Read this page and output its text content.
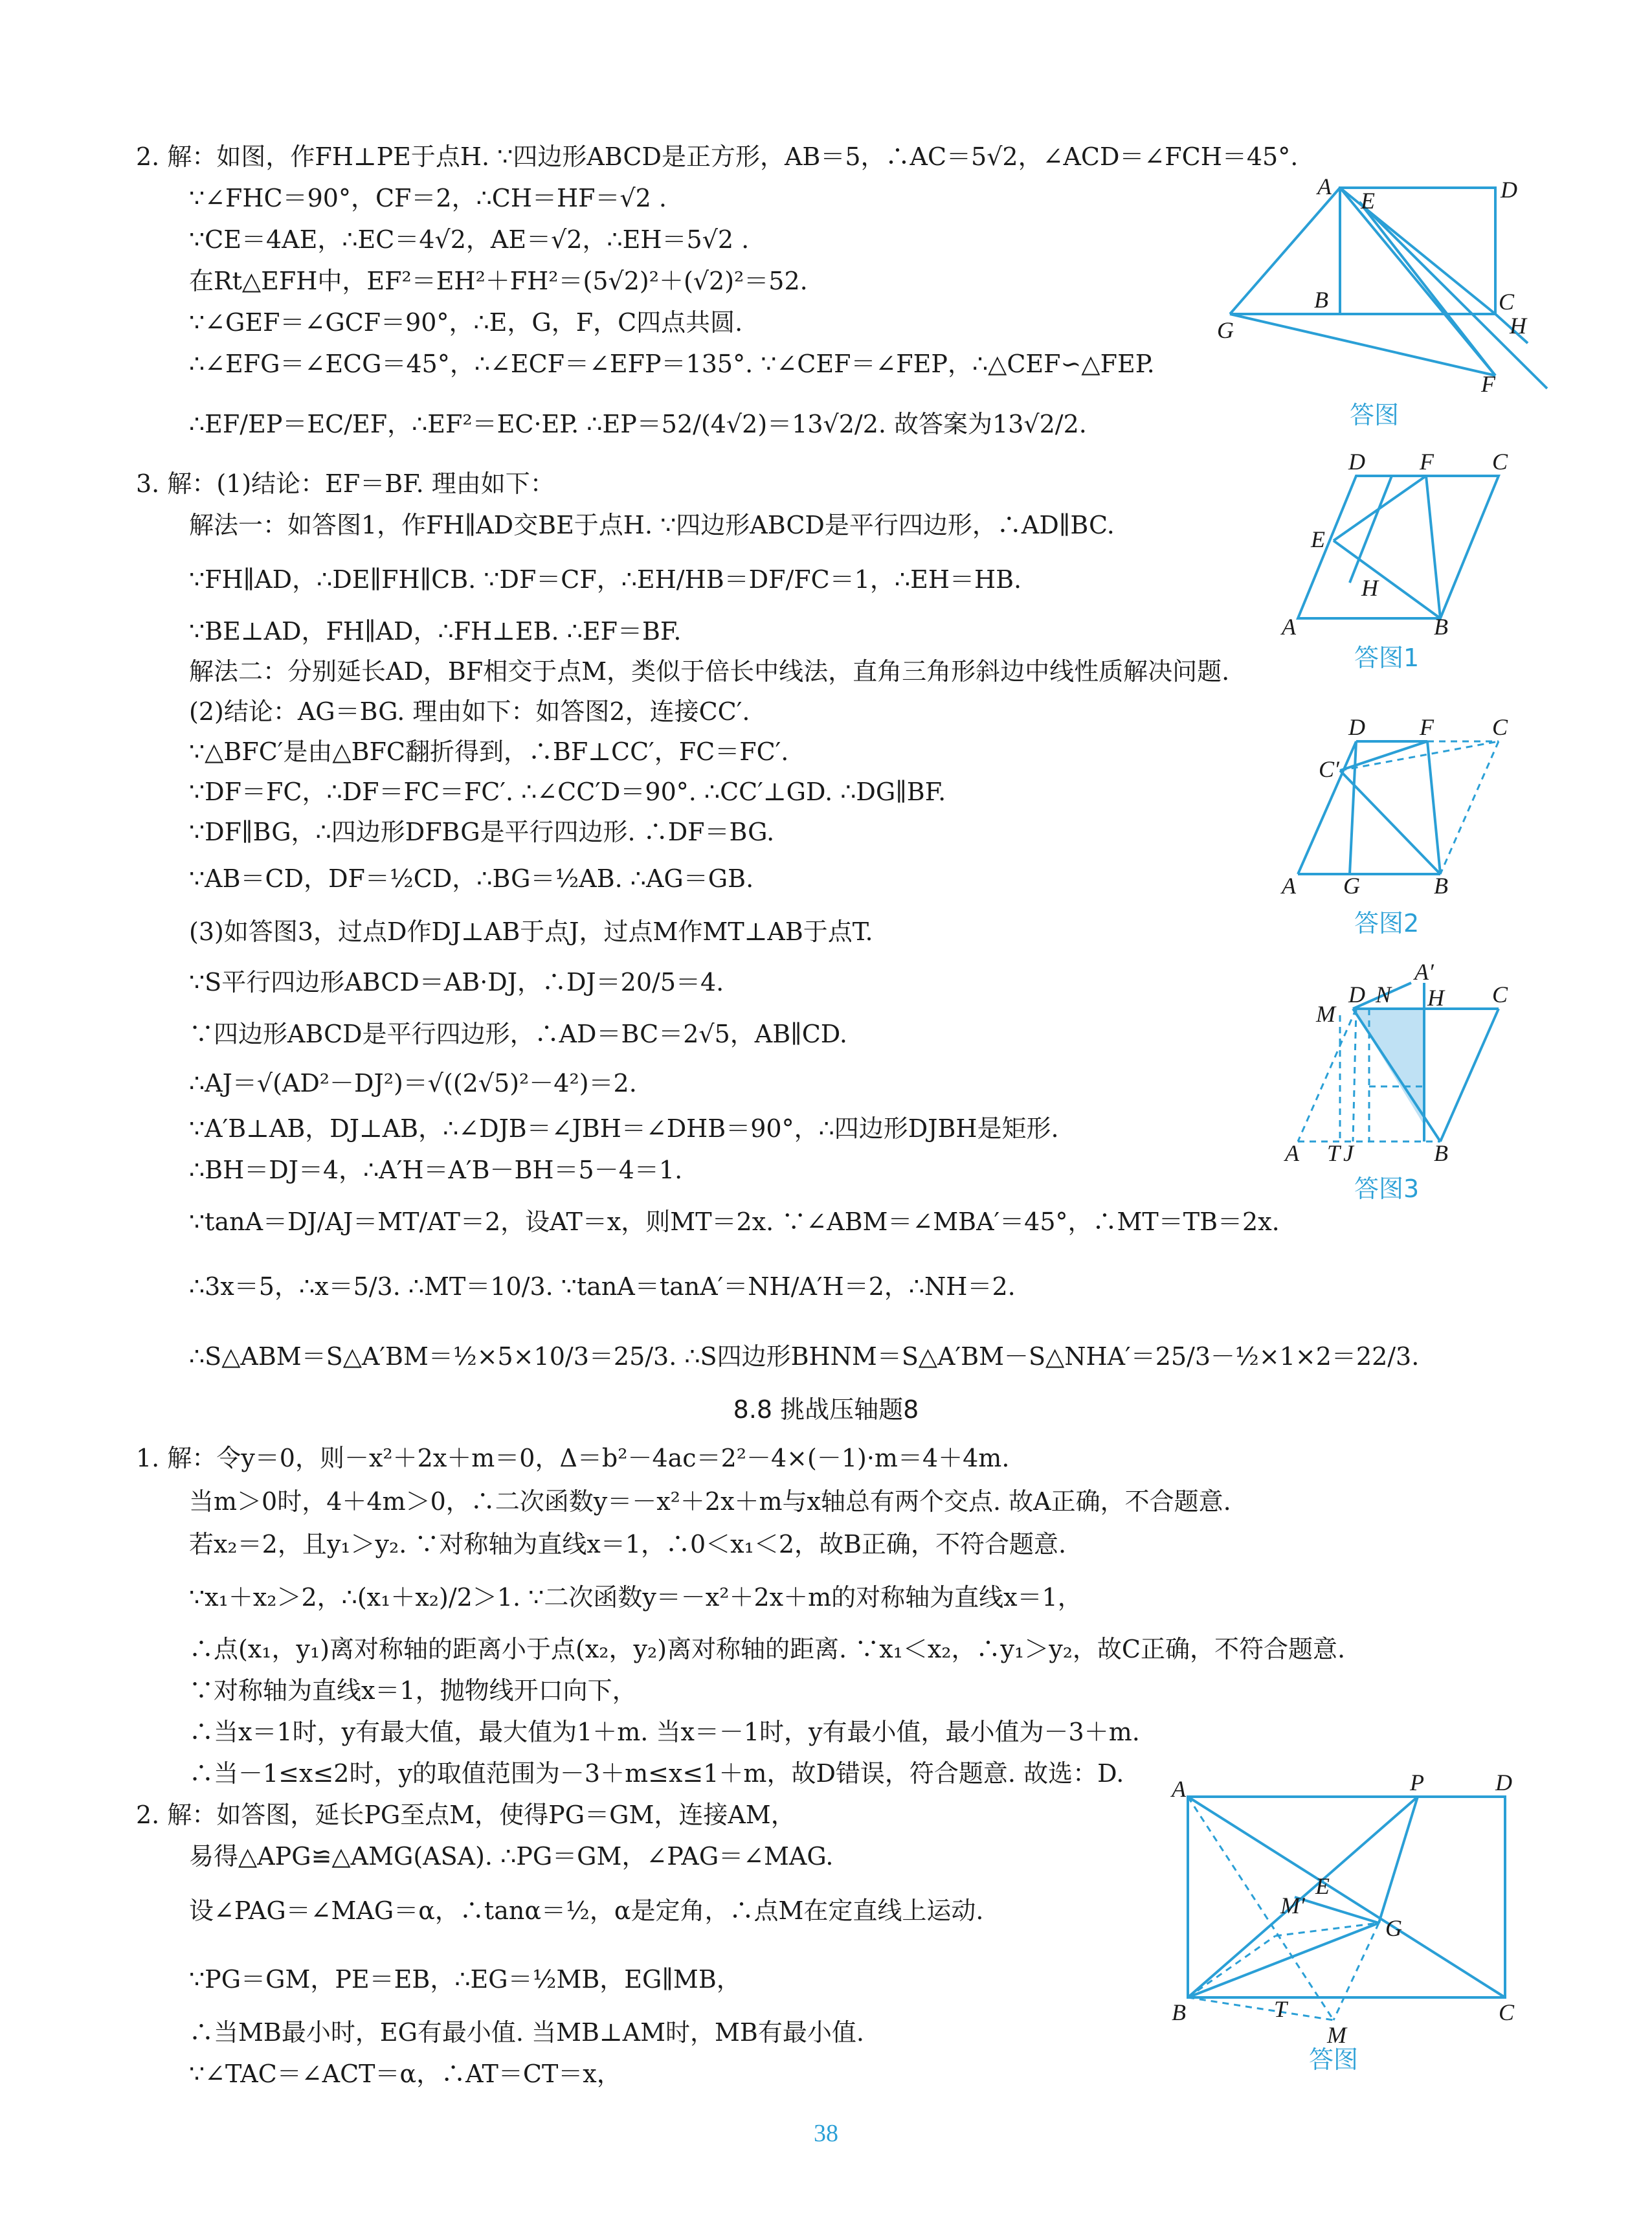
2. 解：如图，作FH⊥PE于点H. ∵四边形ABCD是正方形，AB＝5，∴AC＝5√2，∠ACD＝∠FCH＝45°.
∵∠FHC＝90°，CF＝2，∴CH＝HF＝√2 .
∵CE＝4AE，∴EC＝4√2，AE＝√2，∴EH＝5√2 .
在Rt△EFH中，EF²＝EH²＋FH²＝(5√2)²＋(√2)²＝52.
∵∠GEF＝∠GCF＝90°，∴E，G，F，C四点共圆.
∴∠EFG＝∠ECG＝45°，∴∠ECF＝∠EFP＝135°. ∵∠CEF＝∠FEP，∴△CEF∽△FEP.
∴EF/EP＝EC/EF，∴EF²＝EC·EP. ∴EP＝52/(4√2)＝13√2/2. 故答案为13√2/2.
A	D
E
B
G
C
H
F
答图
3. 解：(1)结论：EF＝BF. 理由如下：
解法一：如答图1，作FH∥AD交BE于点H. ∵四边形ABCD是平行四边形，∴AD∥BC.
∵FH∥AD，∴DE∥FH∥CB. ∵DF＝CF，∴EH/HB＝DF/FC＝1，∴EH＝HB.
∵BE⊥AD，FH∥AD，∴FH⊥EB. ∴EF＝BF.
解法二：分别延长AD，BF相交于点M，类似于倍长中线法，直角三角形斜边中线性质解决问题.
(2)结论：AG＝BG. 理由如下：如答图2，连接CC′.
∵△BFC′是由△BFC翻折得到，∴BF⊥CC′，FC＝FC′.
∵DF＝FC，∴DF＝FC＝FC′. ∴∠CC′D＝90°. ∴CC′⊥GD. ∴DG∥BF.
∵DF∥BG，∴四边形DFBG是平行四边形. ∴DF＝BG.
∵AB＝CD，DF＝½CD，∴BG＝½AB. ∴AG＝GB.
(3)如答图3，过点D作DJ⊥AB于点J，过点M作MT⊥AB于点T.
∵S平行四边形ABCD＝AB·DJ，∴DJ＝20/5＝4.
∵四边形ABCD是平行四边形，∴AD＝BC＝2√5，AB∥CD.
∴AJ＝√(AD²－DJ²)＝√((2√5)²－4²)＝2.
∵A′B⊥AB，DJ⊥AB，∴∠DJB＝∠JBH＝∠DHB＝90°，∴四边形DJBH是矩形.
∴BH＝DJ＝4，∴A′H＝A′B－BH＝5－4＝1.
∵tanA＝DJ/AJ＝MT/AT＝2，设AT＝x，则MT＝2x. ∵∠ABM＝∠MBA′＝45°，∴MT＝TB＝2x.
∴3x＝5，∴x＝5/3. ∴MT＝10/3. ∵tanA＝tanA′＝NH/A′H＝2，∴NH＝2.
∴S△ABM＝S△A′BM＝½×5×10/3＝25/3. ∴S四边形BHNM＝S△A′BM－S△NHA′＝25/3－½×1×2＝22/3.
D F	C
E
H
A	B
答图1
D F	C
C′
A G	B
答图2
D N
A′
H C
M
A T J	B
答图3
8.8 挑战压轴题8
1. 解：令y＝0，则－x²＋2x＋m＝0，Δ＝b²－4ac＝2²－4×(－1)·m＝4＋4m.
当m＞0时，4＋4m＞0，∴二次函数y＝－x²＋2x＋m与x轴总有两个交点. 故A正确，不合题意.
若x₂＝2，且y₁＞y₂. ∵对称轴为直线x＝1，∴0＜x₁＜2，故B正确，不符合题意.
∵x₁＋x₂＞2，∴(x₁＋x₂)/2＞1. ∵二次函数y＝－x²＋2x＋m的对称轴为直线x＝1，
∴点(x₁，y₁)离对称轴的距离小于点(x₂，y₂)离对称轴的距离. ∵x₁＜x₂，∴y₁＞y₂，故C正确，不符合题意.
∵对称轴为直线x＝1，抛物线开口向下，
∴当x＝1时，y有最大值，最大值为1＋m. 当x＝－1时，y有最小值，最小值为－3＋m.
∴当－1≤x≤2时，y的取值范围为－3＋m≤x≤1＋m，故D错误，符合题意. 故选：D.
2. 解：如答图，延长PG至点M，使得PG＝GM，连接AM，
易得△APG≌△AMG(ASA). ∴PG＝GM，∠PAG＝∠MAG.
设∠PAG＝∠MAG＝α，∴tanα＝½，α是定角，∴点M在定直线上运动.
∵PG＝GM，PE＝EB，∴EG＝½MB，EG∥MB，
∴当MB最小时，EG有最小值. 当MB⊥AM时，MB有最小值.
∵∠TAC＝∠ACT＝α，∴AT＝CT＝x，
A	P	D
M′
E
G
B	T	C
M
答图
38
